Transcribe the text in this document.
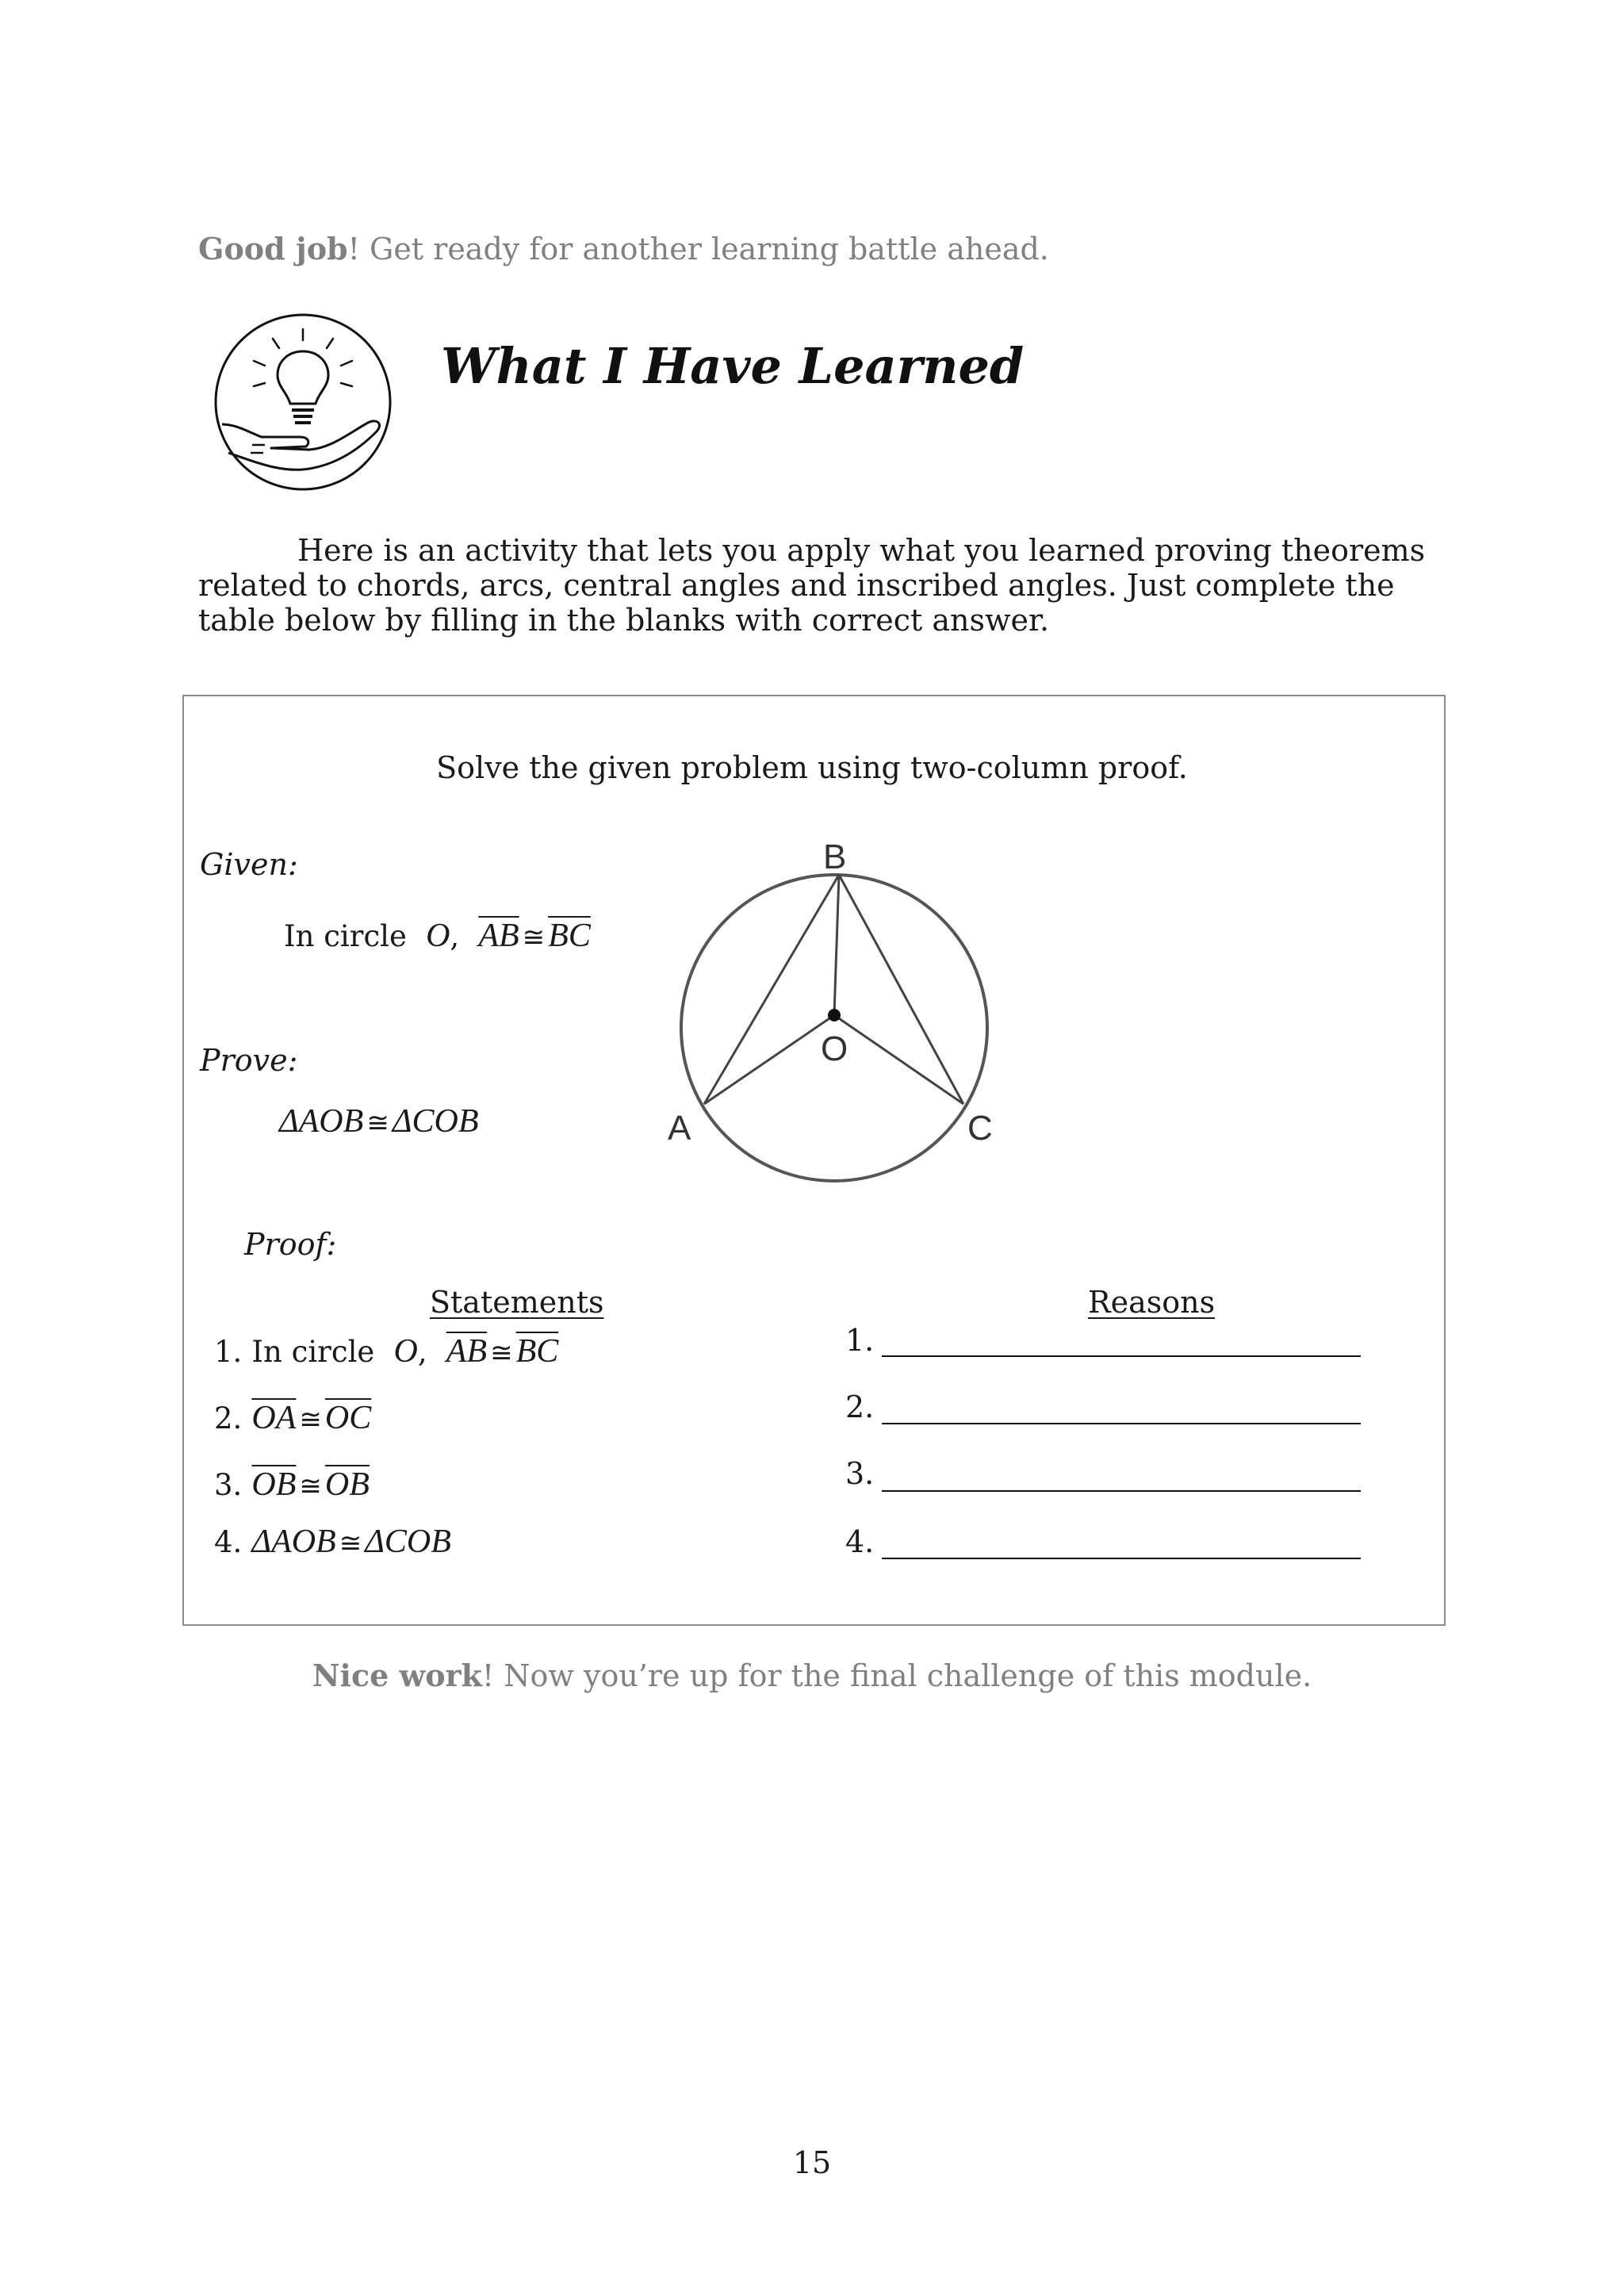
Good job! Get ready for another learning battle ahead.
What I Have Learned

Here is an activity that lets you apply what you learned proving theorems related to chords, arcs, central angles and inscribed angles. Just complete the table below by filling in the blanks with correct answer.

Solve the given problem using two-column proof.
Given:
In circle O, $\overline{AB}$ $≅\overline{BC}$
Prove:
ΔAOB ≅ΔCOB
B
O
A	C
Proof:
Statements	Reasons
1. In circle O, $\overline{AB}$ $≅\overline{BC}$
2. $\overline{OA}$ $≅\overline{OC}$
3. $\overline{OB}$ $≅\overline{OB}$
4. ΔAOB ≅ΔCOB
1.
2.
3.
4.
Nice work! Now you’re up for the final challenge of this module.
15
